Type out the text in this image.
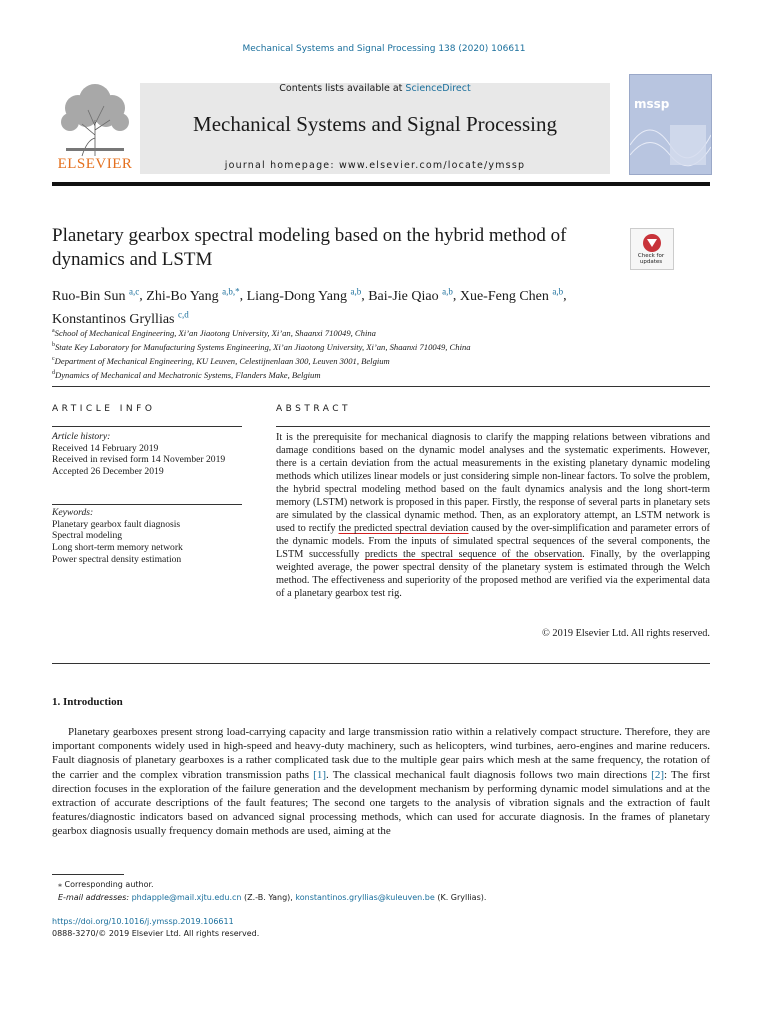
Mechanical Systems and Signal Processing 138 (2020) 106611
ELSEVIER
Contents lists available at ScienceDirect
Mechanical Systems and Signal Processing
journal homepage: www.elsevier.com/locate/ymssp
mssp
Planetary gearbox spectral modeling based on the hybrid method of dynamics and LSTM	Check for updates
Ruo-Bin Sun $^{a,c}$, Zhi-Bo Yang $^{a,b,*}$, Liang-Dong Yang $^{a,b}$, Bai-Jie Qiao $^{a,b}$, Xue-Feng Chen $^{a,b}$,
Konstantinos Gryllias $^{c,d}$
$^a$School of Mechanical Engineering, Xi’an Jiaotong University, Xi’an, Shaanxi 710049, China
$^b$State Key Laboratory for Manufacturing Systems Engineering, Xi’an Jiaotong University, Xi’an, Shaanxi 710049, China
$^c$Department of Mechanical Engineering, KU Leuven, Celestijnenlaan 300, Leuven 3001, Belgium
$^d$Dynamics of Mechanical and Mechatronic Systems, Flanders Make, Belgium
ARTICLE INFO
Article history:
Received 14 February 2019
Received in revised form 14 November 2019
Accepted 26 December 2019
Keywords:
Planetary gearbox fault diagnosis
Spectral modeling
Long short-term memory network
Power spectral density estimation
ABSTRACT
It is the prerequisite for mechanical diagnosis to clarify the mapping relations between vibrations and damage conditions based on the dynamic model analyses and the systematic experiments. However, there is a certain deviation from the actual measurements in the existing planetary dynamic modeling methods which utilizes linear models or just considering simple non-linear factors. To solve the problem, the hybrid spectral modeling method based on the fault dynamics analysis and the long short-term memory (LSTM) network is proposed in this paper. Firstly, the response of several parts in planetary sets are simulated by the classical dynamic method. Then, as an exploratory attempt, an LSTM network is used to rectify the predicted spectral deviation caused by the over-simplification and parameter errors of the dynamic models. From the inputs of simulated spectral sequences of the several components, the LSTM successfully predicts the spectral sequence of the observation. Finally, by the overlapping weighted average, the power spectral density of the planetary system is estimated through the Welch method. The effectiveness and superiority of the proposed method are verified via the experimental data of a planetary gearbox test rig.
© 2019 Elsevier Ltd. All rights reserved.
1. Introduction
Planetary gearboxes present strong load-carrying capacity and large transmission ratio within a relatively compact structure. Therefore, they are important components widely used in high-speed and heavy-duty machinery, such as helicopters, wind turbines, aero-engines and marine reducers. Fault diagnosis of planetary gearboxes is a rather complicated task due to the multiple gear pairs which mesh at the same frequency, the rotation of the carrier and the complex vibration transmission paths [1]. The classical mechanical fault diagnosis follows two main directions [2]: The first direction focuses in the exploration of the failure generation and the development mechanism by performing dynamic model simulations and at the extraction of accurate descriptions of the fault features; The second one targets to the analysis of vibration signals and the extraction of fault features/diagnostic indicators based on advanced signal processing methods, which can used for accurate diagnosis. In the frames of planetary gearbox diagnosis usually frequency domain methods are used, aiming at the
⁎ Corresponding author.
E-mail addresses: phdapple@mail.xjtu.edu.cn (Z.-B. Yang), konstantinos.gryllias@kuleuven.be (K. Gryllias).
https://doi.org/10.1016/j.ymssp.2019.106611
0888-3270/© 2019 Elsevier Ltd. All rights reserved.
